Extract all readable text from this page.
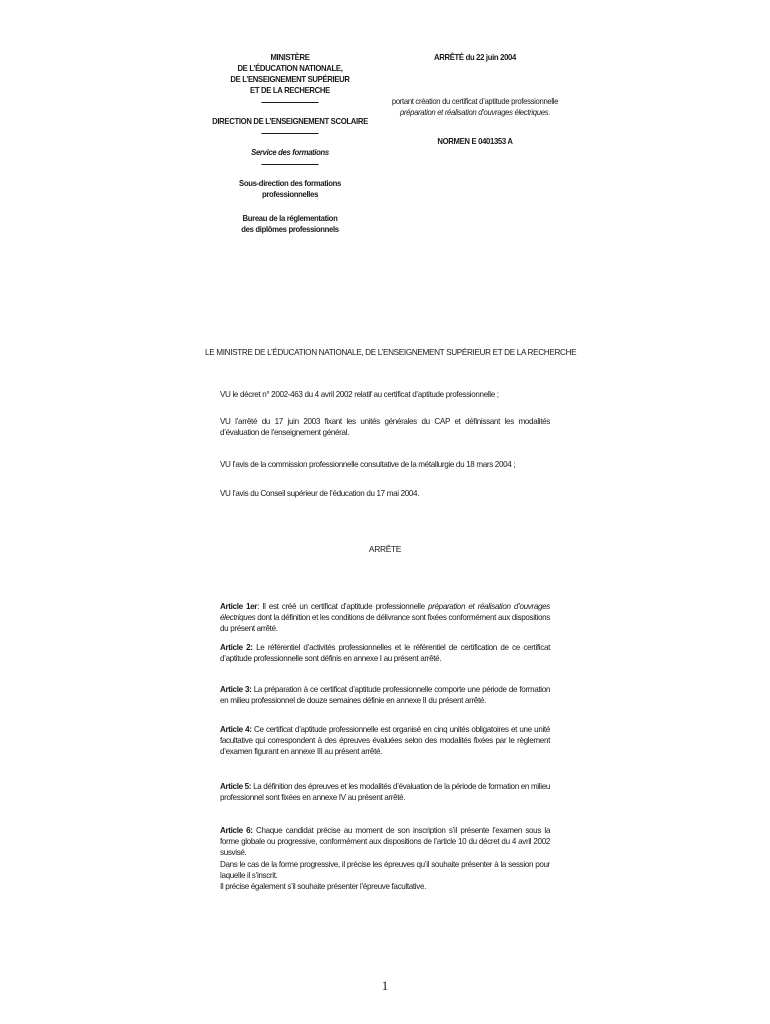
MINISTÈRE
DE L’ÉDUCATION NATIONALE,
DE L’ENSEIGNEMENT SUPÉRIEUR
ET DE LA RECHERCHE
DIRECTION DE L’ENSEIGNEMENT SCOLAIRE
Service des formations
Sous-direction des formations professionnelles
Bureau de la réglementation
des diplômes professionnels
ARRÊTÉ du 22 juin 2004
portant création du certificat d’aptitude professionnelle
préparation et réalisation d’ouvrages électriques.
NORMEN E 0401353 A
LE MINISTRE DE L’ÉDUCATION NATIONALE, DE L’ENSEIGNEMENT SUPÉRIEUR ET DE LA RECHERCHE

VU le décret n° 2002-463 du 4 avril 2002 relatif au certificat d’aptitude professionnelle ;

VU l’arrêté du 17 juin 2003 fixant les unités générales du CAP et définissant les modalités d’évaluation de l’enseignement général.

VU l’avis de la commission professionnelle consultative de la métallurgie du 18 mars 2004 ;

VU l’avis du Conseil supérieur de l’éducation du 17 mai 2004.

ARRÊTE

Article 1er: Il est créé un certificat d’aptitude professionnelle préparation et réalisation d’ouvrages électriques dont la définition et les conditions de délivrance sont fixées conformément aux dispositions du présent arrêté.

Article 2: Le référentiel d’activités professionnelles et le référentiel de certification de ce certificat d’aptitude professionnelle sont définis en annexe I au présent arrêté.

Article 3: La préparation à ce certificat d’aptitude professionnelle comporte une période de formation en milieu professionnel de douze semaines définie en annexe II du présent arrêté.

Article 4: Ce certificat d’aptitude professionnelle est organisé en cinq unités obligatoires et une unité facultative qui correspondent à des épreuves évaluées selon des modalités fixées par le règlement d’examen figurant en annexe III au présent arrêté.

Article 5: La définition des épreuves et les modalités d’évaluation de la période de formation en milieu professionnel sont fixées en annexe IV au présent arrêté.

Article 6: Chaque candidat précise au moment de son inscription s’il présente l’examen sous la forme globale ou progressive, conformément aux dispositions de l’article 10 du décret du 4 avril 2002 susvisé.

Dans le cas de la forme progressive, il précise les épreuves qu’il souhaite présenter à la session pour laquelle il s’inscrit.

Il précise également s’il souhaite présenter l’épreuve facultative.

1
